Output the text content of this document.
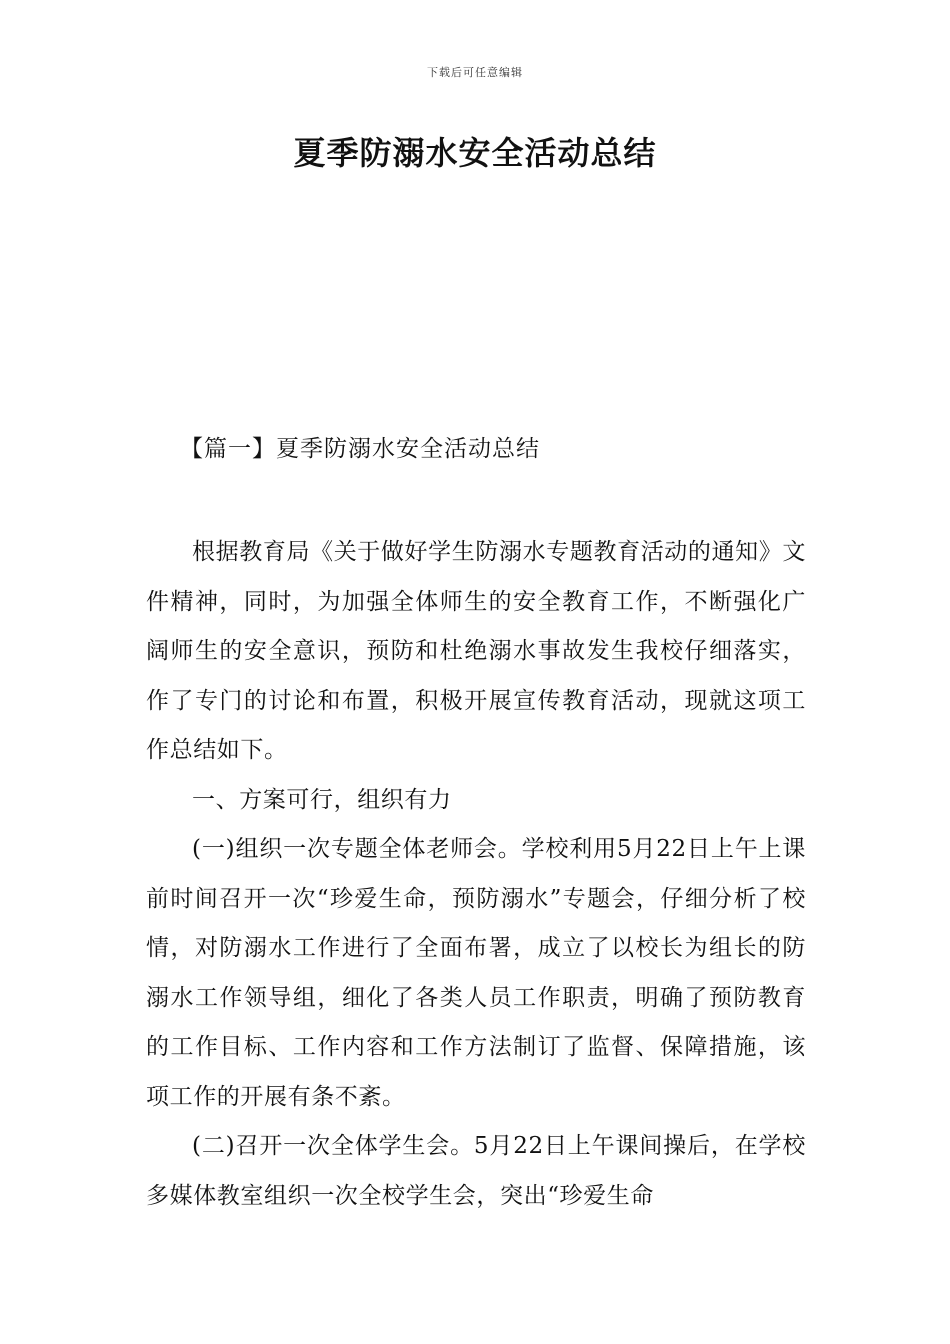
下载后可任意编辑
夏季防溺水安全活动总结
【篇一】夏季防溺水安全活动总结

根据教育局《关于做好学生防溺水专题教育活动的通知》文件精神，同时，为加强全体师生的安全教育工作，不断强化广阔师生的安全意识，预防和杜绝溺水事故发生我校仔细落实，作了专门的讨论和布置，积极开展宣传教育活动，现就这项工作总结如下。

一、方案可行，组织有力

(一)组织一次专题全体老师会。学校利用5月22日上午上课前时间召开一次“珍爱生命，预防溺水”专题会，仔细分析了校情，对防溺水工作进行了全面布署，成立了以校长为组长的防溺水工作领导组，细化了各类人员工作职责，明确了预防教育的工作目标、工作内容和工作方法制订了监督、保障措施，该项工作的开展有条不紊。

(二)召开一次全体学生会。5月22日上午课间操后，在学校多媒体教室组织一次全校学生会，突出“珍爱生命
